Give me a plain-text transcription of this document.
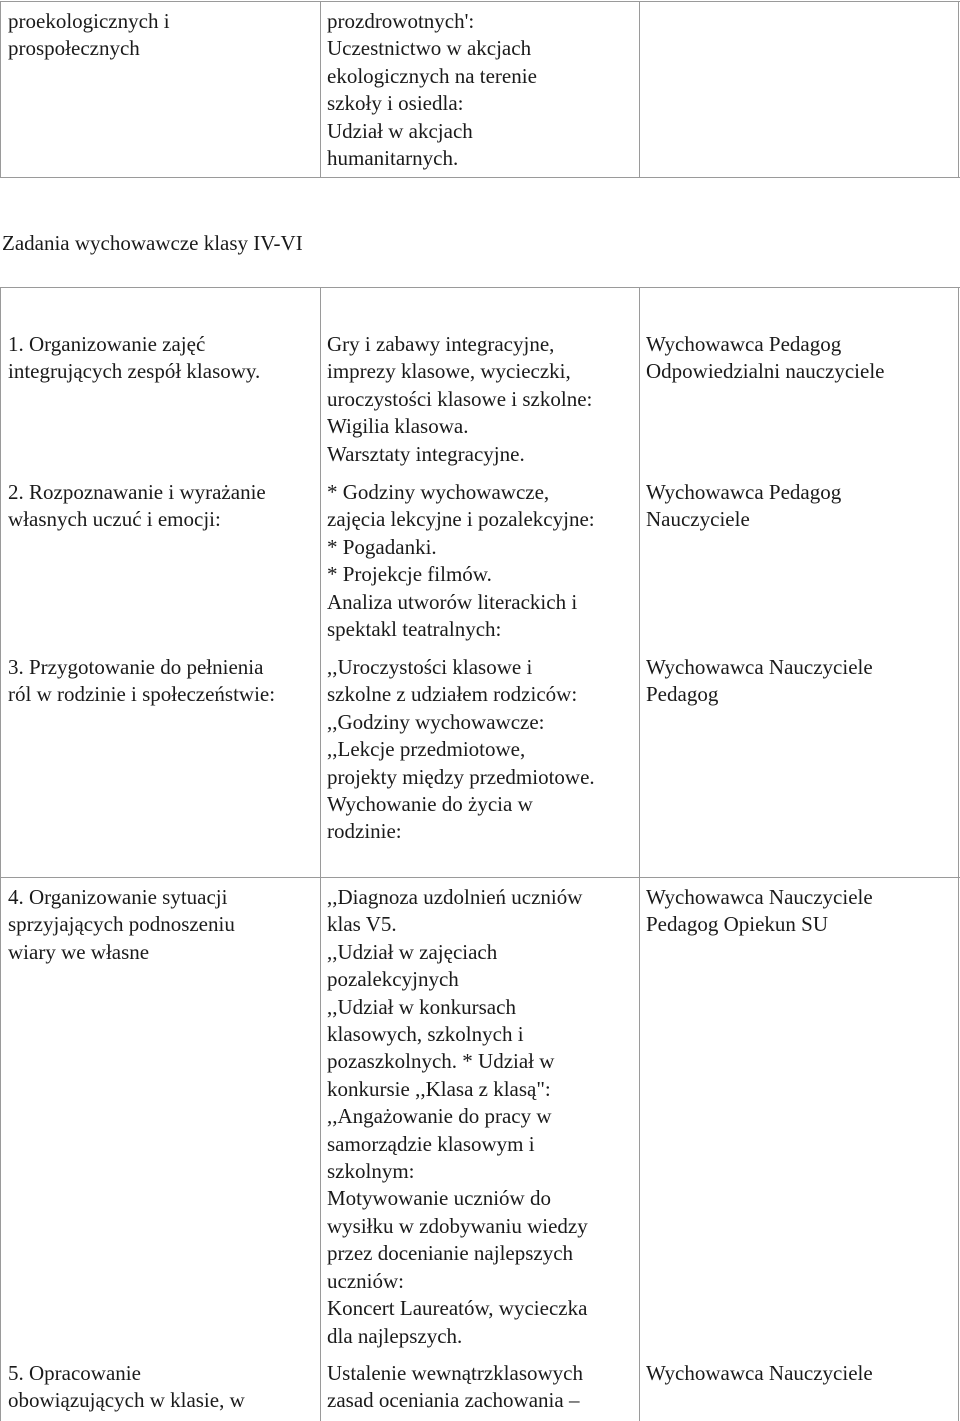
proekologicznych i
prospołecznych
prozdrowotnych':
Uczestnictwo w akcjach
ekologicznych na terenie
szkoły i osiedla:
Udział w akcjach
humanitarnych.
Zadania wychowawcze klasy IV-VI
1. Organizowanie zajęć
integrujących zespół klasowy.
Gry i zabawy integracyjne,
imprezy klasowe, wycieczki,
uroczystości klasowe i szkolne:
Wigilia klasowa.
Warsztaty integracyjne.
Wychowawca Pedagog
Odpowiedzialni nauczyciele
2. Rozpoznawanie i wyrażanie
własnych uczuć i emocji:
* Godziny wychowawcze,
zajęcia lekcyjne i pozalekcyjne:
* Pogadanki.
* Projekcje filmów.
Analiza utworów literackich i
spektakl teatralnych:
Wychowawca Pedagog
Nauczyciele
3. Przygotowanie do pełnienia
ról w rodzinie i społeczeństwie:
,,Uroczystości klasowe i
szkolne z udziałem rodziców:
,,Godziny wychowawcze:
,,Lekcje przedmiotowe,
projekty między przedmiotowe.
Wychowanie do życia w
rodzinie:
Wychowawca Nauczyciele
Pedagog
4. Organizowanie sytuacji
sprzyjających podnoszeniu
wiary we własne
,,Diagnoza uzdolnień uczniów
klas V5.
,,Udział w zajęciach
pozalekcyjnych
,,Udział w konkursach
klasowych, szkolnych i
pozaszkolnych. * Udział w
konkursie ,,Klasa z klasą":
,,Angażowanie do pracy w
samorządzie klasowym i
szkolnym:
Motywowanie uczniów do
wysiłku w zdobywaniu wiedzy
przez docenianie najlepszych
uczniów:
Koncert Laureatów, wycieczka
dla najlepszych.
Wychowawca Nauczyciele
Pedagog Opiekun SU
5. Opracowanie
obowiązujących w klasie, w
Ustalenie wewnątrzklasowych
zasad oceniania zachowania –
Wychowawca Nauczyciele
